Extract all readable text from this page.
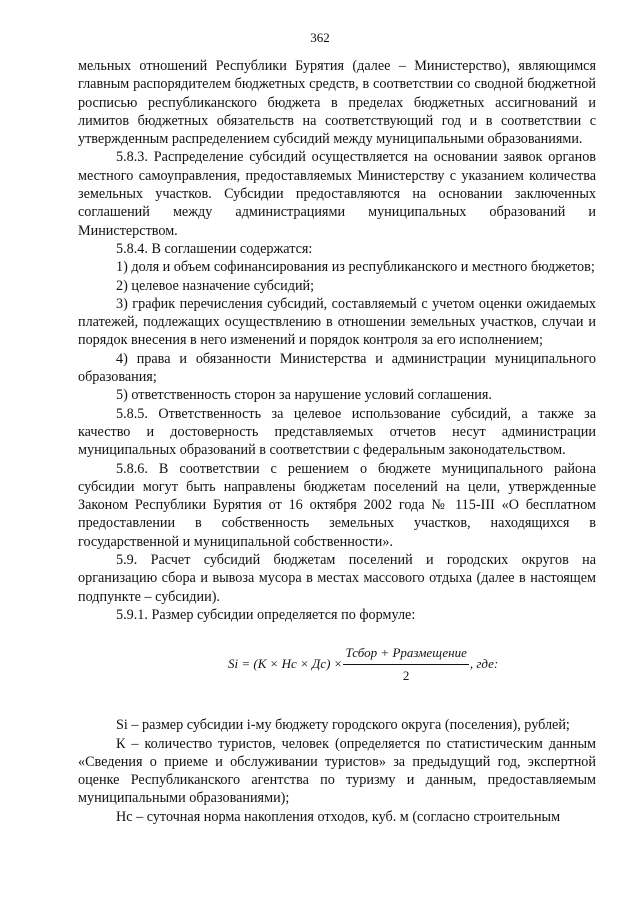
362

мельных отношений Республики Бурятия (далее – Министерство), являющимся главным распорядителем бюджетных средств, в соответствии со сводной бюджетной росписью республиканского бюджета в пределах бюджетных ассигнований и лимитов бюджетных обязательств на соответствующий год и в соответствии с утвержденным распределением субсидий между муниципальными образованиями.

5.8.3. Распределение субсидий осуществляется на основании заявок органов местного самоуправления, предоставляемых Министерству с указанием количества земельных участков. Субсидии предоставляются на основании заключенных соглашений между администрациями муниципальных образований и Министерством.

5.8.4. В соглашении содержатся:

1) доля и объем софинансирования из республиканского и местного бюджетов;

2) целевое назначение субсидий;

3) график перечисления субсидий, составляемый с учетом оценки ожидаемых платежей, подлежащих осуществлению в отношении земельных участков, случаи и порядок внесения в него изменений и порядок контроля за его исполнением;

4) права и обязанности Министерства и администрации муниципального образования;

5) ответственность сторон за нарушение условий соглашения.

5.8.5. Ответственность за целевое использование субсидий, а также за качество и достоверность представляемых отчетов несут администрации муниципальных образований в соответствии с федеральным законодательством.

5.8.6. В соответствии с решением о бюджете муниципального района субсидии могут быть направлены бюджетам поселений на цели, утвержденные Законом Республики Бурятия от 16 октября 2002 года № 115-III «О бесплатном предоставлении в собственность земельных участков, находящихся в государственной и муниципальной собственности».

5.9. Расчет субсидий бюджетам поселений и городских округов на организацию сбора и вывоза мусора в местах массового отдыха (далее в настоящем подпункте – субсидии).

5.9.1. Размер субсидии определяется по формуле:

Si = (К × Нс × $Дс) \times \frac{\text{Тсбор + Рразмещение}}{2}$ , где:

Si – размер субсидии i-му бюджету городского округа (поселения), рублей;

К – количество туристов, человек (определяется по статистическим данным «Сведения о приеме и обслуживании туристов» за предыдущий год, экспертной оценке Республиканского агентства по туризму и данным, предоставляемым муниципальными образованиями);

Нс – суточная норма накопления отходов, куб. м (согласно строительным
